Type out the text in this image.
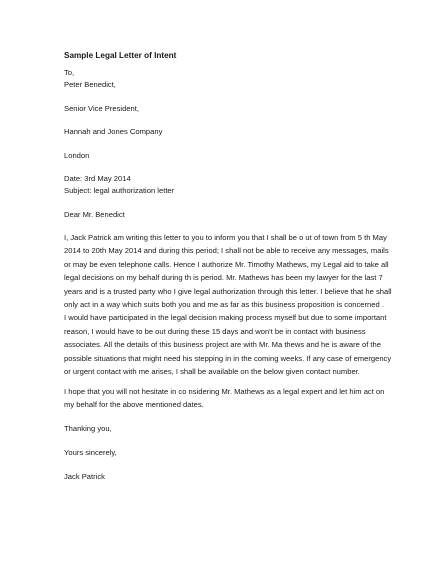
Sample Legal Letter of Intent
To,
Peter Benedict,
Senior Vice President,
Hannah and Jones Company
London
Date: 3rd May 2014
Subject: legal authorization letter
Dear Mr. Benedict
I, Jack Patrick am writing this letter to you to inform you that I shall be o ut of town from 5 th May
2014 to 20th May 2014 and during this period; I shall not be able to receive any messages, mails
or may be even telephone calls. Hence I authorize Mr. Timothy Mathews, my Legal aid to take all
legal decisions on my behalf during th is period. Mr. Mathews has been my lawyer for the last 7
years and is a trusted party who I give legal authorization through this letter. I believe that he shall
only act in a way which suits both you and me as far as this business proposition is concerned .
I would have participated in the legal decision making process myself but due to some important
reason, I would have to be out during these 15 days and won't be in contact with business
associates. All the details of this business project are with Mr. Ma thews and he is aware of the
possible situations that might need his stepping in in the coming weeks. If any case of emergency
or urgent contact with me arises, I shall be available on the below given contact number.
I hope that you will not hesitate in co nsidering Mr. Mathews as a legal expert and let him act on
my behalf for the above mentioned dates.
Thanking you,
Yours sincerely,
Jack Patrick
